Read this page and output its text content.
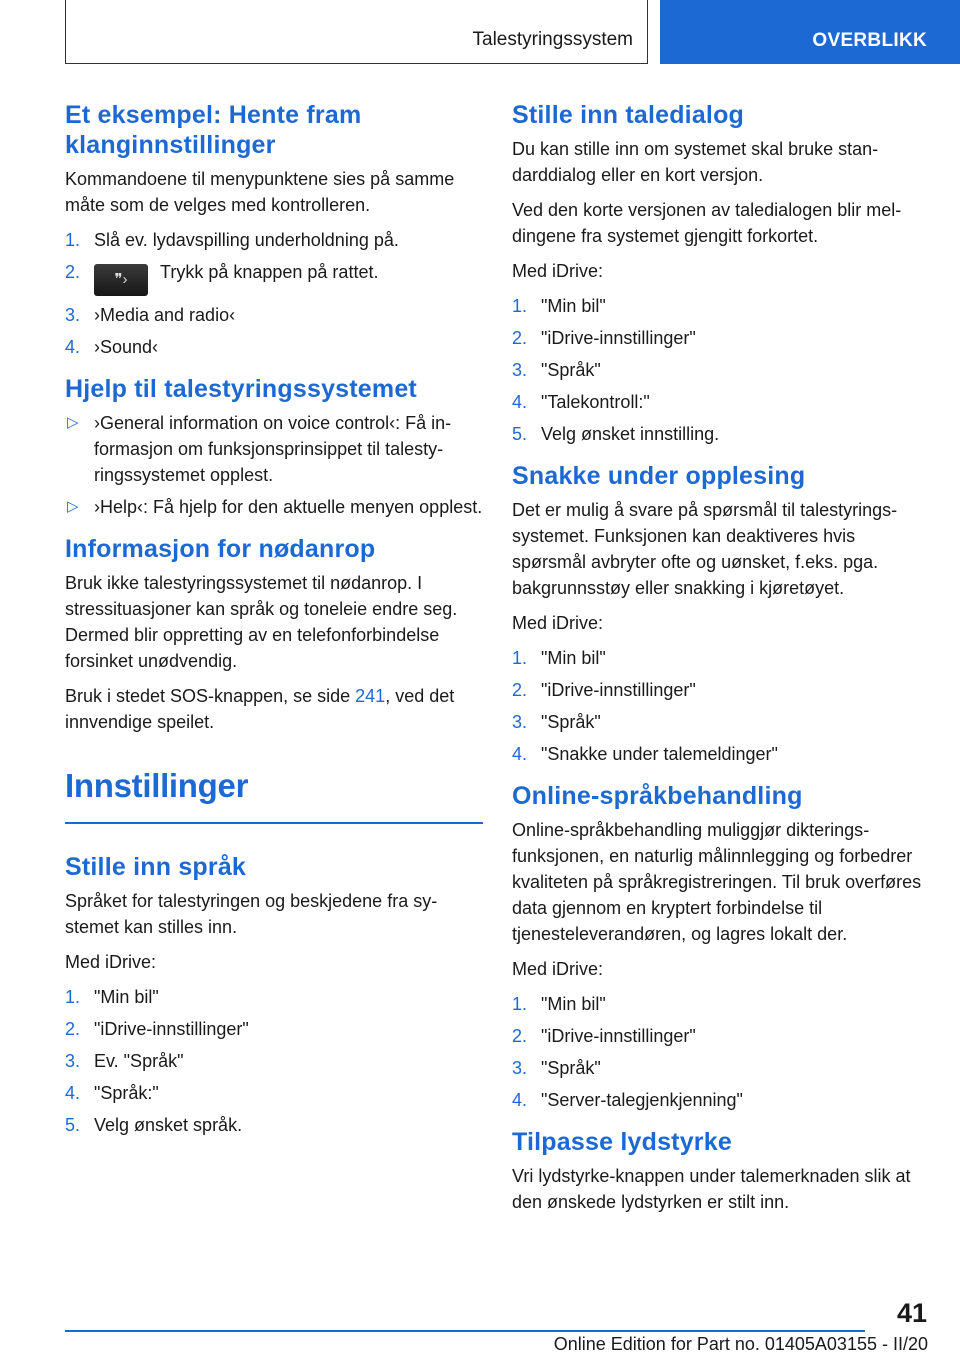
Talestyringssystem	OVERBLIKK
Et eksempel: Hente fram klanginnstillinger

Kommandoene til menypunktene sies på samme måte som de velges med kontrolleren.

1. Slå ev. lydavspilling underholdning på.
2. ❞› Trykk på knappen på rattet.
3. ›Media and radio‹
4. ›Sound‹
Hjelp til talestyringssystemet
▷ ›General information on voice control‹: Få informasjon om funksjonsprinsippet til talestyringssystemet opplest.
▷ ›Help‹: Få hjelp for den aktuelle menyen opplest.
Informasjon for nødanrop

Bruk ikke talestyringssystemet til nødanrop. I stressituasjoner kan språk og toneleie endre seg. Dermed blir oppretting av en telefonforbindelse forsinket unødvendig.

Bruk i stedet SOS-knappen, se side 241, ved det innvendige speilet.

Innstillinger
Stille inn språk

Språket for talestyringen og beskjedene fra systemet kan stilles inn.

Med iDrive:

1. "Min bil"
2. "iDrive-innstillinger"
3. Ev. "Språk"
4. "Språk:"
5. Velg ønsket språk.
Stille inn taledialog

Du kan stille inn om systemet skal bruke standarddialog eller en kort versjon.

Ved den korte versjonen av taledialogen blir meldingene fra systemet gjengitt forkortet.

Med iDrive:

1. "Min bil"
2. "iDrive-innstillinger"
3. "Språk"
4. "Talekontroll:"
5. Velg ønsket innstilling.
Snakke under opplesing

Det er mulig å svare på spørsmål til talestyringssystemet. Funksjonen kan deaktiveres hvis spørsmål avbryter ofte og uønsket, f.eks. pga. bakgrunnsstøy eller snakking i kjøretøyet.

Med iDrive:

1. "Min bil"
2. "iDrive-innstillinger"
3. "Språk"
4. "Snakke under talemeldinger"
Online-språkbehandling

Online-språkbehandling muliggjør dikteringsfunksjonen, en naturlig målinnlegging og forbedrer kvaliteten på språkregistreringen. Til bruk overføres data gjennom en kryptert forbindelse til tjenesteleverandøren, og lagres lokalt der.

Med iDrive:

1. "Min bil"
2. "iDrive-innstillinger"
3. "Språk"
4. "Server-talegjenkjenning"
Tilpasse lydstyrke

Vri lydstyrke-knappen under talemerknaden slik at den ønskede lydstyrken er stilt inn.

41
Online Edition for Part no. 01405A03155 - II/20
